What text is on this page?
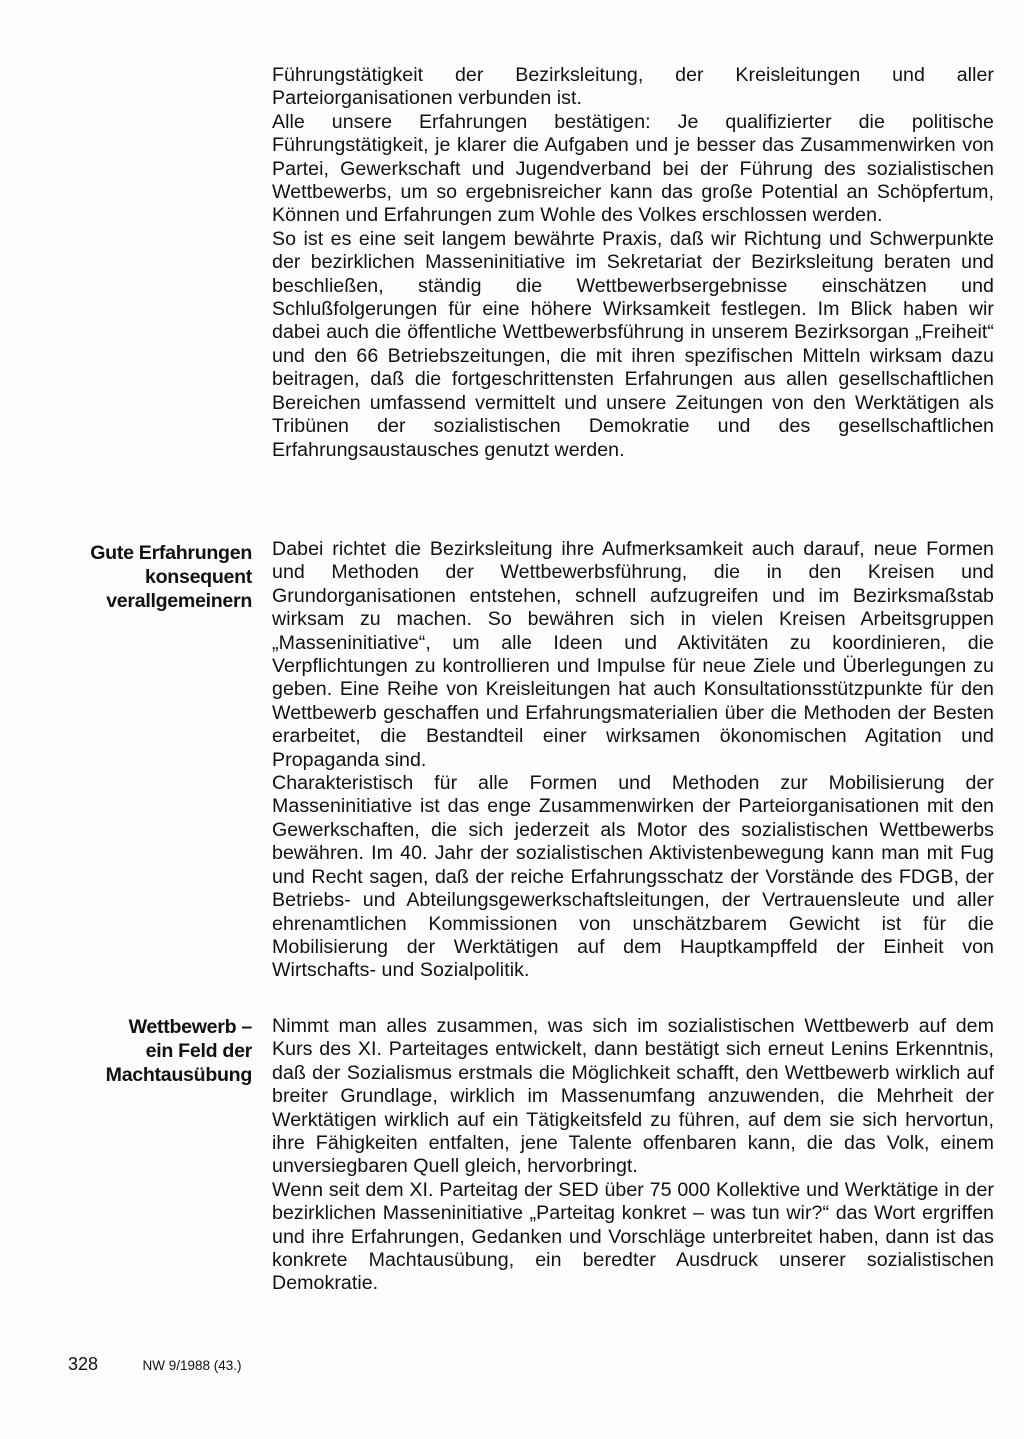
Führungstätigkeit der Bezirksleitung, der Kreisleitungen und aller Parteiorganisationen verbunden ist.

Alle unsere Erfahrungen bestätigen: Je qualifizierter die politische Führungstätigkeit, je klarer die Aufgaben und je besser das Zusammenwirken von Partei, Gewerkschaft und Jugendverband bei der Führung des sozialistischen Wettbewerbs, um so ergebnisreicher kann das große Potential an Schöpfertum, Können und Erfahrungen zum Wohle des Volkes erschlossen werden.

So ist es eine seit langem bewährte Praxis, daß wir Richtung und Schwerpunkte der bezirklichen Masseninitiative im Sekretariat der Bezirksleitung beraten und beschließen, ständig die Wettbewerbsergebnisse einschätzen und Schlußfolgerungen für eine höhere Wirksamkeit festlegen. Im Blick haben wir dabei auch die öffentliche Wettbewerbsführung in unserem Bezirksorgan „Freiheit“ und den 66 Betriebszeitungen, die mit ihren spezifischen Mitteln wirksam dazu beitragen, daß die fortgeschrittensten Erfahrungen aus allen gesellschaftlichen Bereichen umfassend vermittelt und unsere Zeitungen von den Werktätigen als Tribünen der sozialistischen Demokratie und des gesellschaftlichen Erfahrungsaustausches genutzt werden.

Gute Erfahrungen
konsequent
verallgemeinern

Dabei richtet die Bezirksleitung ihre Aufmerksamkeit auch darauf, neue Formen und Methoden der Wettbewerbsführung, die in den Kreisen und Grundorganisationen entstehen, schnell aufzugreifen und im Bezirksmaßstab wirksam zu machen. So bewähren sich in vielen Kreisen Arbeitsgruppen „Masseninitiative“, um alle Ideen und Aktivitäten zu koordinieren, die Verpflichtungen zu kontrollieren und Impulse für neue Ziele und Überlegungen zu geben. Eine Reihe von Kreisleitungen hat auch Konsultationsstützpunkte für den Wettbewerb geschaffen und Erfahrungsmaterialien über die Methoden der Besten erarbeitet, die Bestandteil einer wirksamen ökonomischen Agitation und Propaganda sind.

Charakteristisch für alle Formen und Methoden zur Mobilisierung der Masseninitiative ist das enge Zusammenwirken der Parteiorganisationen mit den Gewerkschaften, die sich jederzeit als Motor des sozialistischen Wettbewerbs bewähren. Im 40. Jahr der sozialistischen Aktivistenbewegung kann man mit Fug und Recht sagen, daß der reiche Erfahrungsschatz der Vorstände des FDGB, der Betriebs- und Abteilungsgewerkschaftsleitungen, der Vertrauensleute und aller ehrenamtlichen Kommissionen von unschätzbarem Gewicht ist für die Mobilisierung der Werktätigen auf dem Hauptkampffeld der Einheit von Wirtschafts- und Sozialpolitik.

Wettbewerb –
ein Feld der
Machtausübung

Nimmt man alles zusammen, was sich im sozialistischen Wettbewerb auf dem Kurs des XI. Parteitages entwickelt, dann bestätigt sich erneut Lenins Erkenntnis, daß der Sozialismus erstmals die Möglichkeit schafft, den Wettbewerb wirklich auf breiter Grundlage, wirklich im Massenumfang anzuwenden, die Mehrheit der Werktätigen wirklich auf ein Tätigkeitsfeld zu führen, auf dem sie sich hervortun, ihre Fähigkeiten entfalten, jene Talente offenbaren kann, die das Volk, einem unversiegbaren Quell gleich, hervorbringt.

Wenn seit dem XI. Parteitag der SED über 75 000 Kollektive und Werktätige in der bezirklichen Masseninitiative „Parteitag konkret – was tun wir?“ das Wort ergriffen und ihre Erfahrungen, Gedanken und Vorschläge unterbreitet haben, dann ist das konkrete Machtausübung, ein beredter Ausdruck unserer sozialistischen Demokratie.

328	NW 9/1988 (43.)
